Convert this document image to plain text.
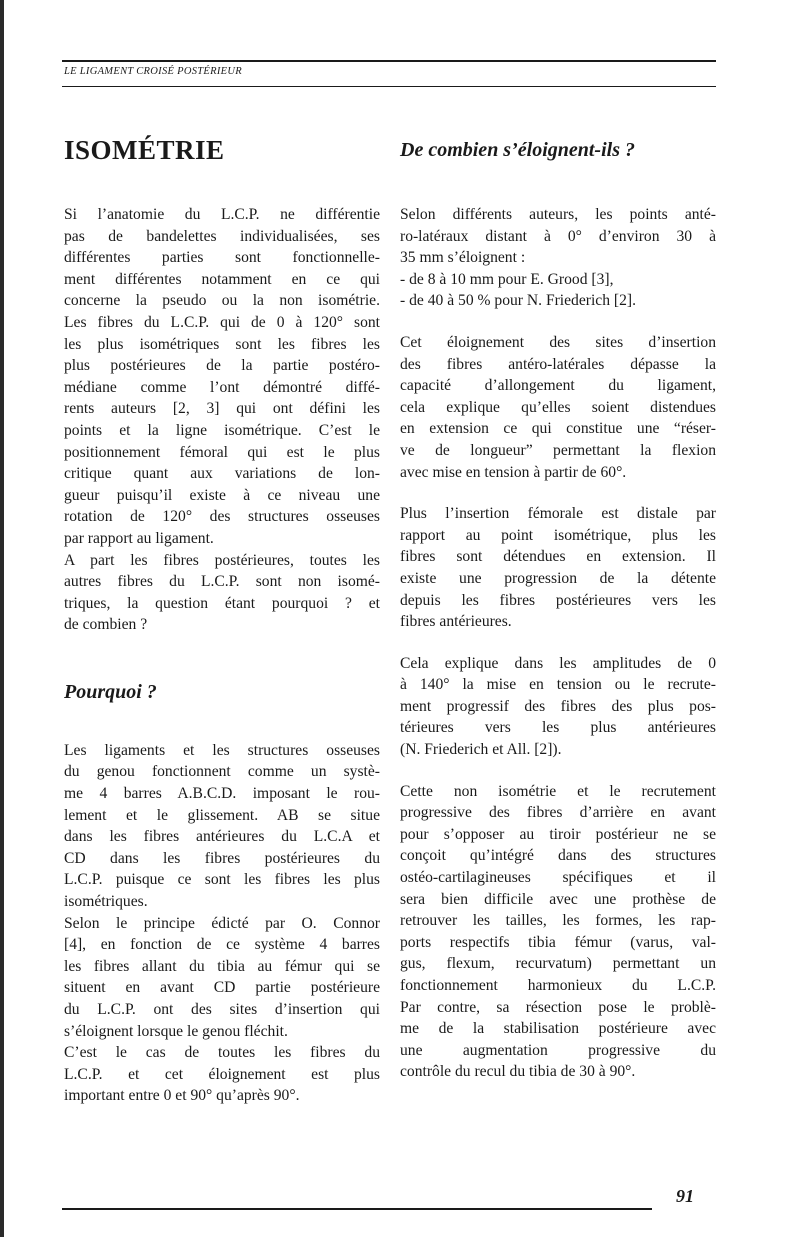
LE LIGAMENT CROISÉ POSTÉRIEUR
ISOMÉTRIE
Si l’anatomie du L.C.P. ne différentie
pas de bandelettes individualisées, ses
différentes parties sont fonctionnelle-
ment différentes notamment en ce qui
concerne la pseudo ou la non isométrie.
Les fibres du L.C.P. qui de 0 à 120° sont
les plus isométriques sont les fibres les
plus postérieures de la partie postéro-
médiane comme l’ont démontré diffé-
rents auteurs [2, 3] qui ont défini les
points et la ligne isométrique. C’est le
positionnement fémoral qui est le plus
critique quant aux variations de lon-
gueur puisqu’il existe à ce niveau une
rotation de 120° des structures osseuses
par rapport au ligament.
A part les fibres postérieures, toutes les
autres fibres du L.C.P. sont non isomé-
triques, la question étant pourquoi ? et
de combien ?
Pourquoi ?
Les ligaments et les structures osseuses
du genou fonctionnent comme un systè-
me 4 barres A.B.C.D. imposant le rou-
lement et le glissement. AB se situe
dans les fibres antérieures du L.C.A et
CD dans les fibres postérieures du
L.C.P. puisque ce sont les fibres les plus
isométriques.
Selon le principe édicté par O. Connor
[4], en fonction de ce système 4 barres
les fibres allant du tibia au fémur qui se
situent en avant CD partie postérieure
du L.C.P. ont des sites d’insertion qui
s’éloignent lorsque le genou fléchit.
C’est le cas de toutes les fibres du
L.C.P. et cet éloignement est plus
important entre 0 et 90° qu’après 90°.
De combien s’éloignent-ils ?
Selon différents auteurs, les points anté-
ro-latéraux distant à 0° d’environ 30 à
35 mm s’éloignent :
- de 8 à 10 mm pour E. Grood [3],
- de 40 à 50 % pour N. Friederich [2].
Cet éloignement des sites d’insertion
des fibres antéro-latérales dépasse la
capacité d’allongement du ligament,
cela explique qu’elles soient distendues
en extension ce qui constitue une “réser-
ve de longueur” permettant la flexion
avec mise en tension à partir de 60°.
Plus l’insertion fémorale est distale par
rapport au point isométrique, plus les
fibres sont détendues en extension. Il
existe une progression de la détente
depuis les fibres postérieures vers les
fibres antérieures.
Cela explique dans les amplitudes de 0
à 140° la mise en tension ou le recrute-
ment progressif des fibres des plus pos-
térieures vers les plus antérieures
(N. Friederich et All. [2]).
Cette non isométrie et le recrutement
progressive des fibres d’arrière en avant
pour s’opposer au tiroir postérieur ne se
conçoit qu’intégré dans des structures
ostéo-cartilagineuses spécifiques et il
sera bien difficile avec une prothèse de
retrouver les tailles, les formes, les rap-
ports respectifs tibia fémur (varus, val-
gus, flexum, recurvatum) permettant un
fonctionnement harmonieux du L.C.P.
Par contre, sa résection pose le problè-
me de la stabilisation postérieure avec
une augmentation progressive du
contrôle du recul du tibia de 30 à 90°.
91
